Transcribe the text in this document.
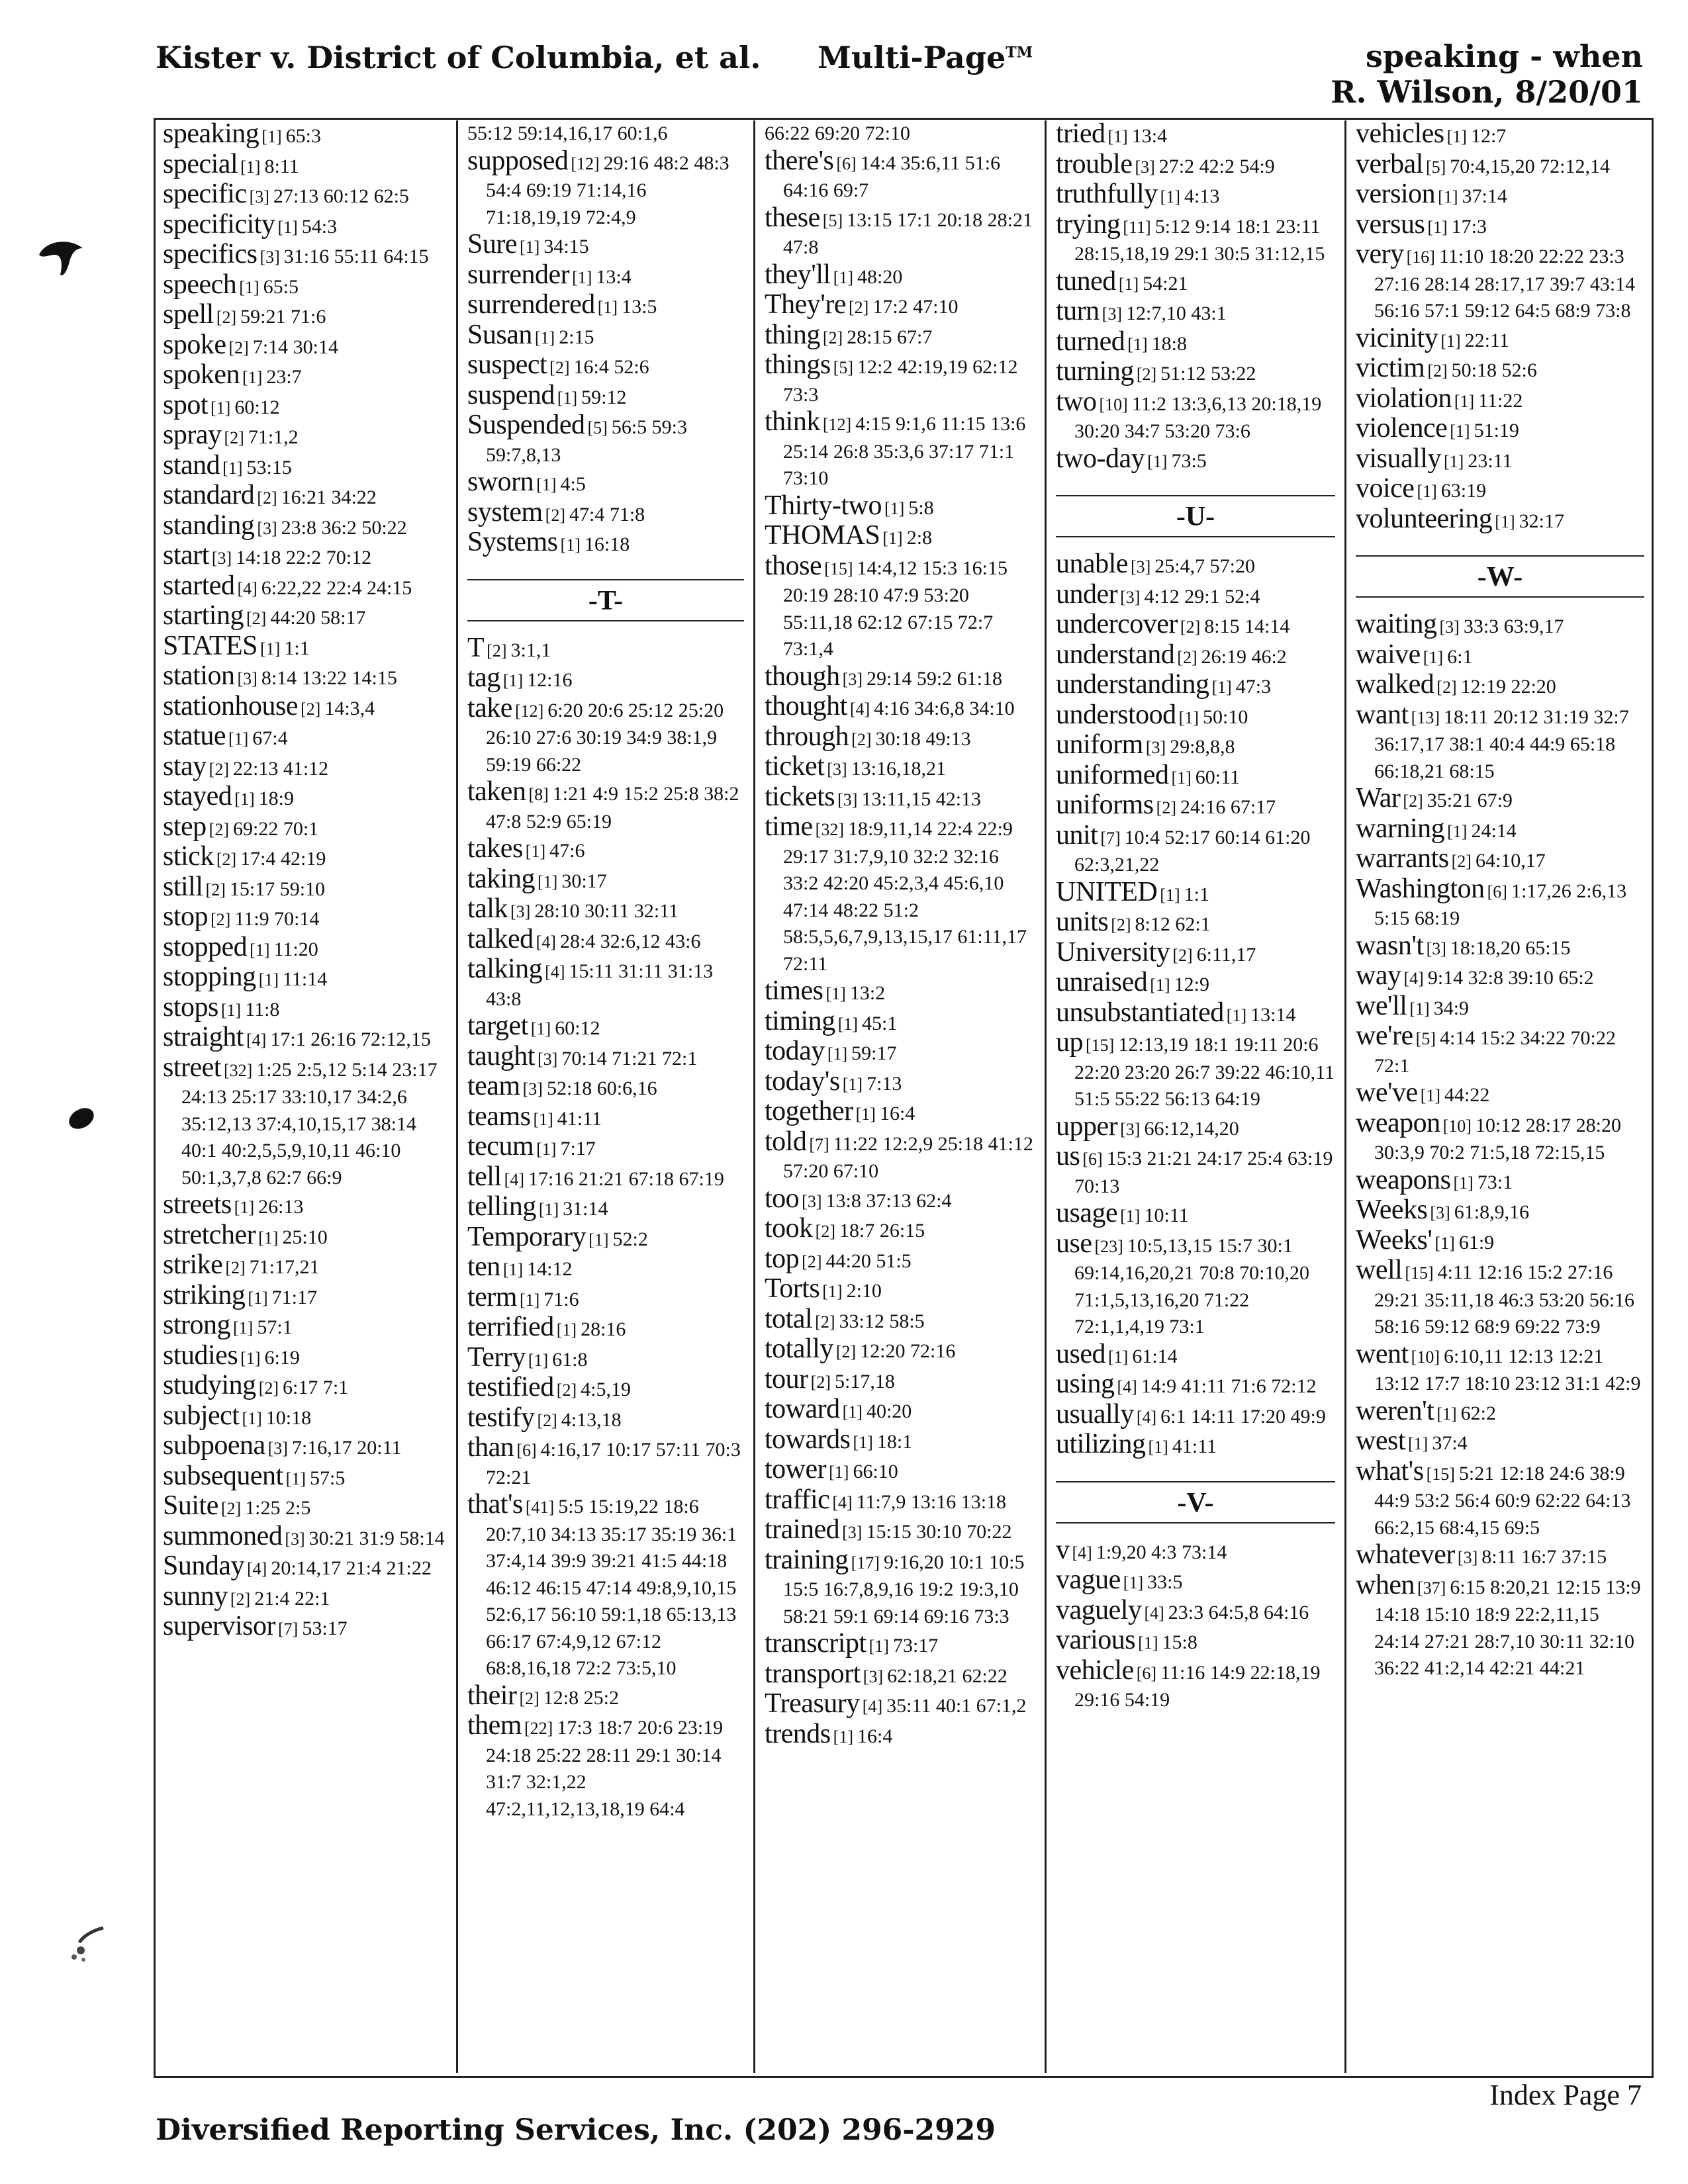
Kister v. District of Columbia, et al. Multi-Page™	speaking - when
R. Wilson, 8/20/01

speaking [1] 65:3

special [1] 8:11

specific [3] 27:13 60:12 62:5

specificity [1] 54:3

specifics [3] 31:16 55:11 64:15

speech [1] 65:5

spell [2] 59:21 71:6

spoke [2] 7:14 30:14

spoken [1] 23:7

spot [1] 60:12

spray [2] 71:1,2

stand [1] 53:15

standard [2] 16:21 34:22

standing [3] 23:8 36:2 50:22

start [3] 14:18 22:2 70:12

started [4] 6:22,22 22:4 24:15

starting [2] 44:20 58:17

STATES [1] 1:1

station [3] 8:14 13:22 14:15

stationhouse [2] 14:3,4

statue [1] 67:4

stay [2] 22:13 41:12

stayed [1] 18:9

step [2] 69:22 70:1

stick [2] 17:4 42:19

still [2] 15:17 59:10

stop [2] 11:9 70:14

stopped [1] 11:20

stopping [1] 11:14

stops [1] 11:8

straight [4] 17:1 26:16 72:12,15

street [32] 1:25 2:5,12 5:14 23:17 24:13 25:17 33:10,17 34:2,6 35:12,13 37:4,10,15,17 38:14 40:1 40:2,5,5,9,10,11 46:10 50:1,3,7,8 62:7 66:9

streets [1] 26:13

stretcher [1] 25:10

strike [2] 71:17,21

striking [1] 71:17

strong [1] 57:1

studies [1] 6:19

studying [2] 6:17 7:1

subject [1] 10:18

subpoena [3] 7:16,17 20:11

subsequent [1] 57:5

Suite [2] 1:25 2:5

summoned [3] 30:21 31:9 58:14

Sunday [4] 20:14,17 21:4 21:22

sunny [2] 21:4 22:1

supervisor [7] 53:17

55:12 59:14,16,17 60:1,6

supposed [12] 29:16 48:2 48:3 54:4 69:19 71:14,16 71:18,19,19 72:4,9

Sure [1] 34:15

surrender [1] 13:4

surrendered [1] 13:5

Susan [1] 2:15

suspect [2] 16:4 52:6

suspend [1] 59:12

Suspended [5] 56:5 59:3 59:7,8,13

sworn [1] 4:5

system [2] 47:4 71:8

Systems [1] 16:18

-T-

T [2] 3:1,1

tag [1] 12:16

take [12] 6:20 20:6 25:12 25:20 26:10 27:6 30:19 34:9 38:1,9 59:19 66:22

taken [8] 1:21 4:9 15:2 25:8 38:2 47:8 52:9 65:19

takes [1] 47:6

taking [1] 30:17

talk [3] 28:10 30:11 32:11

talked [4] 28:4 32:6,12 43:6

talking [4] 15:11 31:11 31:13 43:8

target [1] 60:12

taught [3] 70:14 71:21 72:1

team [3] 52:18 60:6,16

teams [1] 41:11

tecum [1] 7:17

tell [4] 17:16 21:21 67:18 67:19

telling [1] 31:14

Temporary [1] 52:2

ten [1] 14:12

term [1] 71:6

terrified [1] 28:16

Terry [1] 61:8

testified [2] 4:5,19

testify [2] 4:13,18

than [6] 4:16,17 10:17 57:11 70:3 72:21

that's [41] 5:5 15:19,22 18:6 20:7,10 34:13 35:17 35:19 36:1 37:4,14 39:9 39:21 41:5 44:18 46:12 46:15 47:14 49:8,9,10,15 52:6,17 56:10 59:1,18 65:13,13 66:17 67:4,9,12 67:12 68:8,16,18 72:2 73:5,10

their [2] 12:8 25:2

them [22] 17:3 18:7 20:6 23:19 24:18 25:22 28:11 29:1 30:14 31:7 32:1,22 47:2,11,12,13,18,19 64:4

66:22 69:20 72:10

there's [6] 14:4 35:6,11 51:6 64:16 69:7

these [5] 13:15 17:1 20:18 28:21 47:8

they'll [1] 48:20

They're [2] 17:2 47:10

thing [2] 28:15 67:7

things [5] 12:2 42:19,19 62:12 73:3

think [12] 4:15 9:1,6 11:15 13:6 25:14 26:8 35:3,6 37:17 71:1 73:10

Thirty-two [1] 5:8

THOMAS [1] 2:8

those [15] 14:4,12 15:3 16:15 20:19 28:10 47:9 53:20 55:11,18 62:12 67:15 72:7 73:1,4

though [3] 29:14 59:2 61:18

thought [4] 4:16 34:6,8 34:10

through [2] 30:18 49:13

ticket [3] 13:16,18,21

tickets [3] 13:11,15 42:13

time [32] 18:9,11,14 22:4 22:9 29:17 31:7,9,10 32:2 32:16 33:2 42:20 45:2,3,4 45:6,10 47:14 48:22 51:2 58:5,5,6,7,9,13,15,17 61:11,17 72:11

times [1] 13:2

timing [1] 45:1

today [1] 59:17

today's [1] 7:13

together [1] 16:4

told [7] 11:22 12:2,9 25:18 41:12 57:20 67:10

too [3] 13:8 37:13 62:4

took [2] 18:7 26:15

top [2] 44:20 51:5

Torts [1] 2:10

total [2] 33:12 58:5

totally [2] 12:20 72:16

tour [2] 5:17,18

toward [1] 40:20

towards [1] 18:1

tower [1] 66:10

traffic [4] 11:7,9 13:16 13:18

trained [3] 15:15 30:10 70:22

training [17] 9:16,20 10:1 10:5 15:5 16:7,8,9,16 19:2 19:3,10 58:21 59:1 69:14 69:16 73:3

transcript [1] 73:17

transport [3] 62:18,21 62:22

Treasury [4] 35:11 40:1 67:1,2

trends [1] 16:4

tried [1] 13:4

trouble [3] 27:2 42:2 54:9

truthfully [1] 4:13

trying [11] 5:12 9:14 18:1 23:11 28:15,18,19 29:1 30:5 31:12,15

tuned [1] 54:21

turn [3] 12:7,10 43:1

turned [1] 18:8

turning [2] 51:12 53:22

two [10] 11:2 13:3,6,13 20:18,19 30:20 34:7 53:20 73:6

two-day [1] 73:5

-U-

unable [3] 25:4,7 57:20

under [3] 4:12 29:1 52:4

undercover [2] 8:15 14:14

understand [2] 26:19 46:2

understanding [1] 47:3

understood [1] 50:10

uniform [3] 29:8,8,8

uniformed [1] 60:11

uniforms [2] 24:16 67:17

unit [7] 10:4 52:17 60:14 61:20 62:3,21,22

UNITED [1] 1:1

units [2] 8:12 62:1

University [2] 6:11,17

unraised [1] 12:9

unsubstantiated [1] 13:14

up [15] 12:13,19 18:1 19:11 20:6 22:20 23:20 26:7 39:22 46:10,11 51:5 55:22 56:13 64:19

upper [3] 66:12,14,20

us [6] 15:3 21:21 24:17 25:4 63:19 70:13

usage [1] 10:11

use [23] 10:5,13,15 15:7 30:1 69:14,16,20,21 70:8 70:10,20 71:1,5,13,16,20 71:22 72:1,1,4,19 73:1

used [1] 61:14

using [4] 14:9 41:11 71:6 72:12

usually [4] 6:1 14:11 17:20 49:9

utilizing [1] 41:11

-V-

v [4] 1:9,20 4:3 73:14

vague [1] 33:5

vaguely [4] 23:3 64:5,8 64:16

various [1] 15:8

vehicle [6] 11:16 14:9 22:18,19 29:16 54:19

vehicles [1] 12:7

verbal [5] 70:4,15,20 72:12,14

version [1] 37:14

versus [1] 17:3

very [16] 11:10 18:20 22:22 23:3 27:16 28:14 28:17,17 39:7 43:14 56:16 57:1 59:12 64:5 68:9 73:8

vicinity [1] 22:11

victim [2] 50:18 52:6

violation [1] 11:22

violence [1] 51:19

visually [1] 23:11

voice [1] 63:19

volunteering [1] 32:17

-W-

waiting [3] 33:3 63:9,17

waive [1] 6:1

walked [2] 12:19 22:20

want [13] 18:11 20:12 31:19 32:7 36:17,17 38:1 40:4 44:9 65:18 66:18,21 68:15

War [2] 35:21 67:9

warning [1] 24:14

warrants [2] 64:10,17

Washington [6] 1:17,26 2:6,13 5:15 68:19

wasn't [3] 18:18,20 65:15

way [4] 9:14 32:8 39:10 65:2

we'll [1] 34:9

we're [5] 4:14 15:2 34:22 70:22 72:1

we've [1] 44:22

weapon [10] 10:12 28:17 28:20 30:3,9 70:2 71:5,18 72:15,15

weapons [1] 73:1

Weeks [3] 61:8,9,16

Weeks' [1] 61:9

well [15] 4:11 12:16 15:2 27:16 29:21 35:11,18 46:3 53:20 56:16 58:16 59:12 68:9 69:22 73:9

went [10] 6:10,11 12:13 12:21 13:12 17:7 18:10 23:12 31:1 42:9

weren't [1] 62:2

west [1] 37:4

what's [15] 5:21 12:18 24:6 38:9 44:9 53:2 56:4 60:9 62:22 64:13 66:2,15 68:4,15 69:5

whatever [3] 8:11 16:7 37:15

when [37] 6:15 8:20,21 12:15 13:9 14:18 15:10 18:9 22:2,11,15 24:14 27:21 28:7,10 30:11 32:10 36:22 41:2,14 42:21 44:21

Index Page 7
Diversified Reporting Services, Inc. (202) 296-2929
